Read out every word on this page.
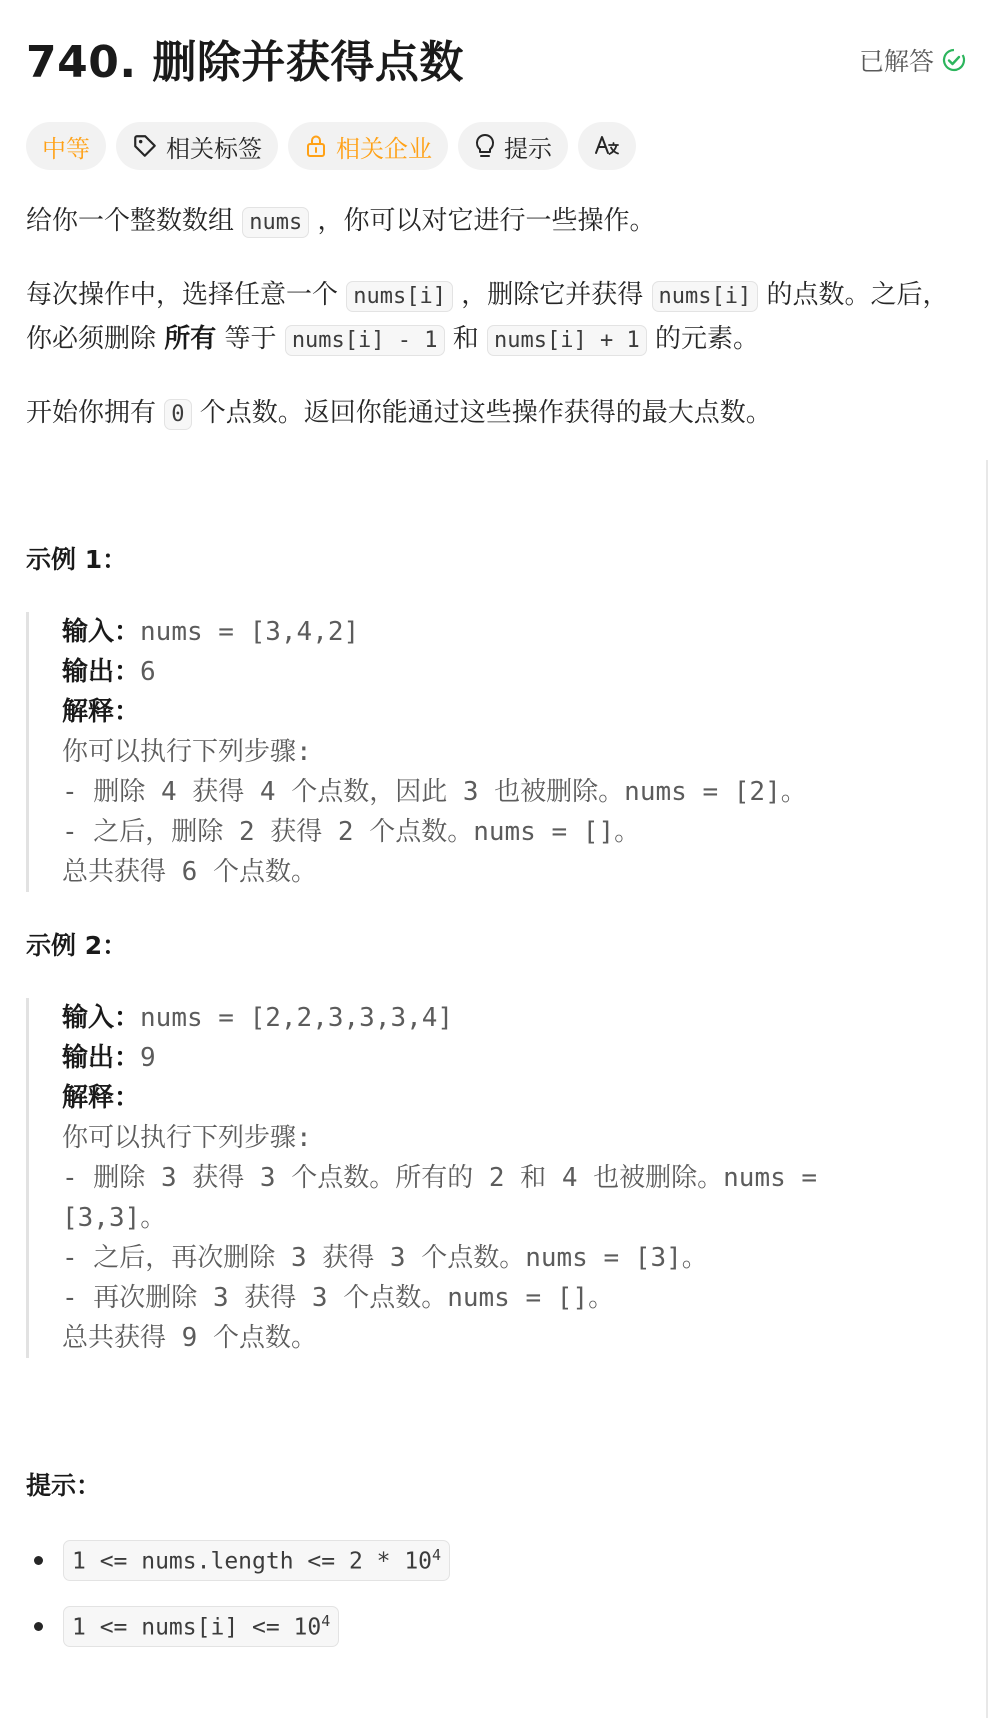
740. 删除并获得点数	已解答
中等	相关标签	相关企业	提示

给你一个整数数组 nums ，你可以对它进行一些操作。

每次操作中，选择任意一个 nums[i] ，删除它并获得 nums[i] 的点数。之后，你必须删除 所有 等于 nums[i] - 1 和 nums[i] + 1 的元素。

开始你拥有 0 个点数。返回你能通过这些操作获得的最大点数。

示例 1：
输入：nums = [3,4,2]
输出：6
解释：
你可以执行下列步骤:
- 删除 4 获得 4 个点数，因此 3 也被删除。nums = [2]。
- 之后，删除 2 获得 2 个点数。nums = []。
总共获得 6 个点数。
示例 2：
输入：nums = [2,2,3,3,3,4]
输出：9
解释：
你可以执行下列步骤:
- 删除 3 获得 3 个点数。所有的 2 和 4 也被删除。nums = [3,3]。
- 之后，再次删除 3 获得 3 个点数。nums = [3]。
- 再次删除 3 获得 3 个点数。nums = []。
总共获得 9 个点数。
提示：
1 <= nums.length <= $2 * 10^4$
1 <= nums[i] <= $10^4$
